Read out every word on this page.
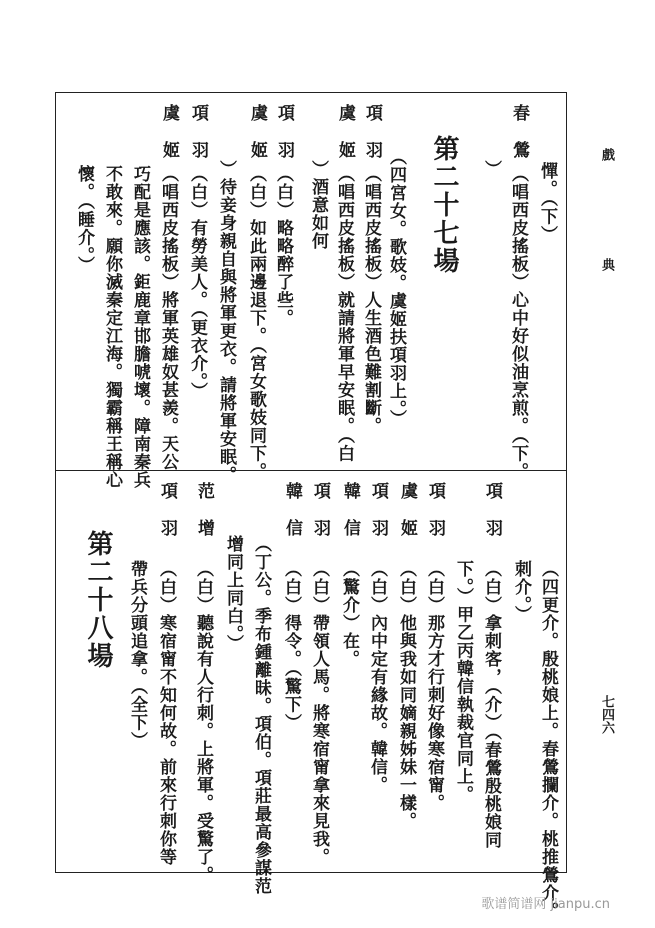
戲
典
七四六
春鶯
（唱西皮搖板）心中好似油烹煎。（下。 憚。（下）
）
第二十七場
（四宮女。歌妓。虞姬扶項羽上。）
項羽
（唱西皮搖板）人生酒色難割斷。
虞姬
（唱西皮搖板）就請將軍早安眠。（白
）酒意如何
項羽
（白）略略醉了些。
虞姬
（白）如此兩邊退下。（宮女歌妓同下。
）待妾身親自與將軍更衣。請將軍安眠。
項羽
（白）有勞美人。（更衣介。）
虞姬
（唱西皮搖板）將軍英雄奴甚羨。天公
巧配是應該。鉅鹿章邯膽唬壞。障南秦兵
不敢來。願你滅秦定江海。獨霸稱王稱心
懷。（睡介。）
（四更介。殷桃娘上。春鶯攔介。桃推鶯介。
刺介。）
項羽
（白）拿刺客，（介）（春鶯殷桃娘同
下。）甲乙丙韓信執裁官同上。
項羽
（白）那方才行刺好像寒宿甯。
虞姬
（白）他與我如同嫡親姊妹一樣。
項羽
（白）內中定有緣故。韓信。
韓信
（驚介）在。
項羽
（白）帶領人馬。將寒宿甯拿來見我。
韓信
（白）得令。（驚下）
（丁公。季布鍾離昧。項伯。項莊最高參謀范
增同上同白。）
范增
（白）聽說有人行刺。上將軍。受驚了。
項羽
（白）寒宿甯不知何故。前來行刺你等
帶兵分頭追拿。（全下）
第二十八場
歌谱简谱网 jianpu.cn
